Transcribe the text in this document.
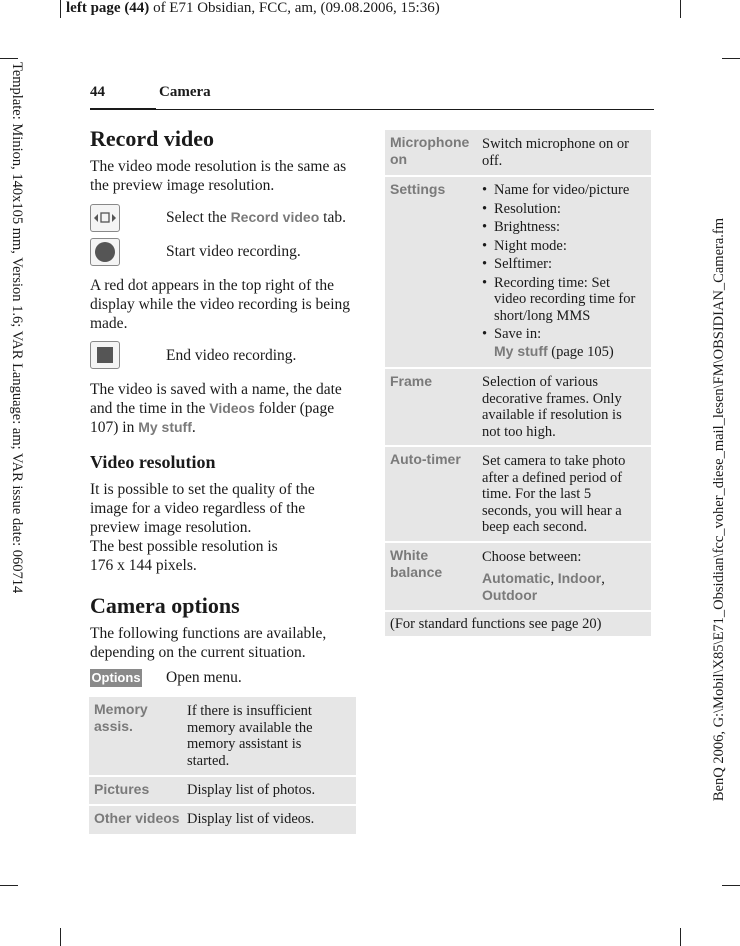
left page (44) of E71 Obsidian, FCC, am, (09.08.2006, 15:36)
Template: Minion, 140x105 mm, Version 1.6; VAR Language: am; VAR issue date: 060714	BenQ 2006, G:\Mobil\X85\E71_Obsidian\fcc_voher_diese_mail_lesen\FM\OBSIDIAN_Camera.fm
44	Camera
Record video
The video mode resolution is the same as the preview image resolution.
Select the Record video tab.
Start video recording.
A red dot appears in the top right of the display while the video recording is being made.
End video recording.
The video is saved with a name, the date and the time in the Videos folder (page 107) in My stuff.
Video resolution
It is possible to set the quality of the image for a video regardless of the preview image resolution.
The best possible resolution is 176 x 144 pixels.
Camera options
The following functions are available, depending on the current situation.
Options Open menu.
Memory assis.
If there is insufficient memory available the memory assistant is started.
Pictures	Display list of photos.
Other videos Display list of videos.
Microphone on
Switch microphone on or off.
Settings
•	Name for video/picture
• Resolution:
• Brightness:
• Night mode:
• Selftimer:
• Recording time: Set video recording time for short/long MMS
• Save in:
My stuff (page 105)
Frame	Selection of various decorative frames. Only available if resolution is not too high.
Auto-timer Set camera to take photo after a defined period of time. For the last 5 seconds, you will hear a beep each second.
White balance
Choose between:
Automatic, Indoor,
Outdoor
(For standard functions see page 20)
